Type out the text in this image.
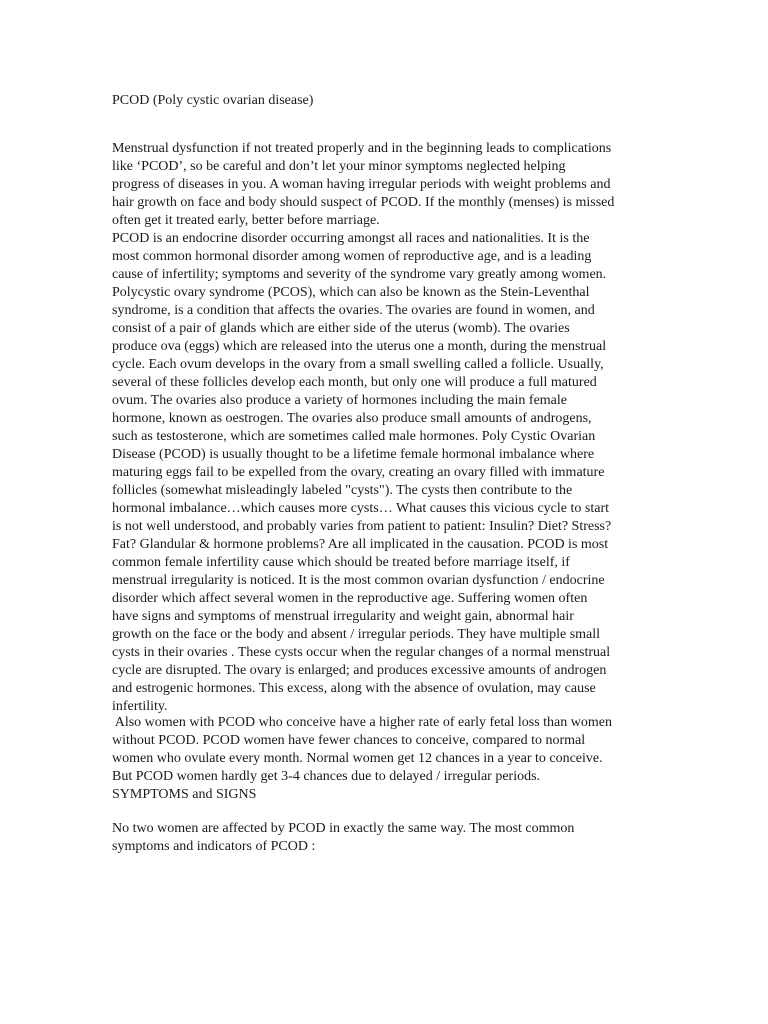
PCOD (Poly cystic ovarian disease)
Menstrual dysfunction if not treated properly and in the beginning leads to complications
like ‘PCOD’, so be careful and don’t let your minor symptoms neglected helping
progress of diseases in you. A woman having irregular periods with weight problems and
hair growth on face and body should suspect of PCOD. If the monthly (menses) is missed
often get it treated early, better before marriage.
PCOD is an endocrine disorder occurring amongst all races and nationalities. It is the
most common hormonal disorder among women of reproductive age, and is a leading
cause of infertility; symptoms and severity of the syndrome vary greatly among women.
Polycystic ovary syndrome (PCOS), which can also be known as the Stein-Leventhal
syndrome, is a condition that affects the ovaries. The ovaries are found in women, and
consist of a pair of glands which are either side of the uterus (womb). The ovaries
produce ova (eggs) which are released into the uterus one a month, during the menstrual
cycle. Each ovum develops in the ovary from a small swelling called a follicle. Usually,
several of these follicles develop each month, but only one will produce a full matured
ovum. The ovaries also produce a variety of hormones including the main female
hormone, known as oestrogen. The ovaries also produce small amounts of androgens,
such as testosterone, which are sometimes called male hormones. Poly Cystic Ovarian
Disease (PCOD) is usually thought to be a lifetime female hormonal imbalance where
maturing eggs fail to be expelled from the ovary, creating an ovary filled with immature
follicles (somewhat misleadingly labeled "cysts"). The cysts then contribute to the
hormonal imbalance…which causes more cysts… What causes this vicious cycle to start
is not well understood, and probably varies from patient to patient: Insulin? Diet? Stress?
Fat? Glandular & hormone problems? Are all implicated in the causation. PCOD is most
common female infertility cause which should be treated before marriage itself, if
menstrual irregularity is noticed. It is the most common ovarian dysfunction / endocrine
disorder which affect several women in the reproductive age. Suffering women often
have signs and symptoms of menstrual irregularity and weight gain, abnormal hair
growth on the face or the body and absent / irregular periods. They have multiple small
cysts in their ovaries . These cysts occur when the regular changes of a normal menstrual
cycle are disrupted. The ovary is enlarged; and produces excessive amounts of androgen
and estrogenic hormones. This excess, along with the absence of ovulation, may cause
infertility.
Also women with PCOD who conceive have a higher rate of early fetal loss than women
without PCOD. PCOD women have fewer chances to conceive, compared to normal
women who ovulate every month. Normal women get 12 chances in a year to conceive.
But PCOD women hardly get 3-4 chances due to delayed / irregular periods.
SYMPTOMS and SIGNS
No two women are affected by PCOD in exactly the same way. The most common
symptoms and indicators of PCOD :
